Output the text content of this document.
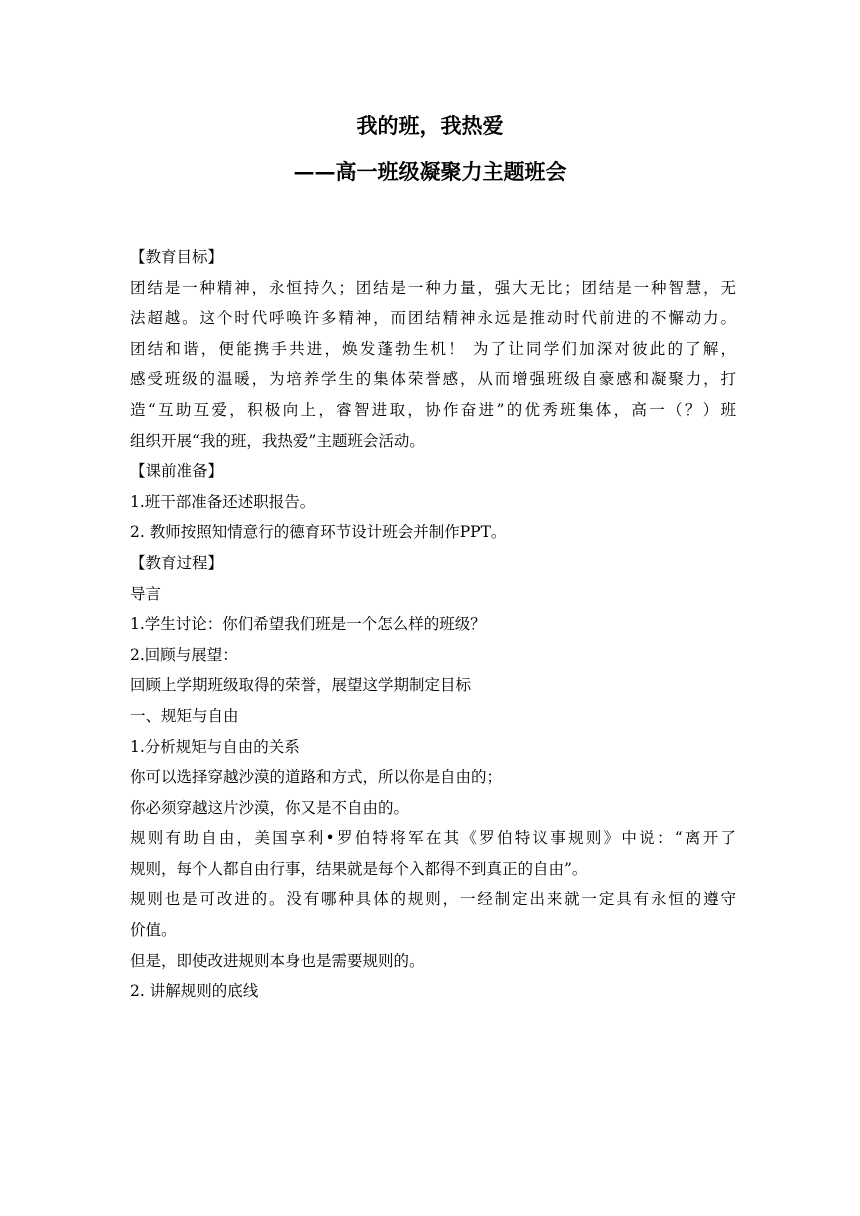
我的班，我热爱
——高一班级凝聚力主题班会
【教育目标】
团结是一种精神，永恒持久；团结是一种力量，强大无比；团结是一种智慧，无
法超越。这个时代呼唤许多精神，而团结精神永远是推动时代前进的不懈动力。
团结和谐，便能携手共进，焕发蓬勃生机！ 为了让同学们加深对彼此的了解，
感受班级的温暖，为培养学生的集体荣誉感，从而增强班级自豪感和凝聚力，打
造“互助互爱，积极向上，睿智进取，协作奋进”的优秀班集体，高一（？）班
组织开展“我的班，我热爱”主题班会活动。
【课前准备】
1.班干部准备还述职报告。
2. 教师按照知情意行的德育环节设计班会并制作PPT。
【教育过程】
导言
1.学生讨论：你们希望我们班是一个怎么样的班级？
2.回顾与展望：
回顾上学期班级取得的荣誉，展望这学期制定目标
一、规矩与自由
1.分析规矩与自由的关系
你可以选择穿越沙漠的道路和方式，所以你是自由的；
你必须穿越这片沙漠，你又是不自由的。
规则有助自由，美国享利•罗伯特将军在其《罗伯特议事规则》中说：“离开了
规则，每个人都自由行事，结果就是每个入都得不到真正的自由”。
规则也是可改进的。没有哪种具体的规则，一经制定出来就一定具有永恒的遵守
价值。
但是，即使改进规则本身也是需要规则的。
2. 讲解规则的底线
